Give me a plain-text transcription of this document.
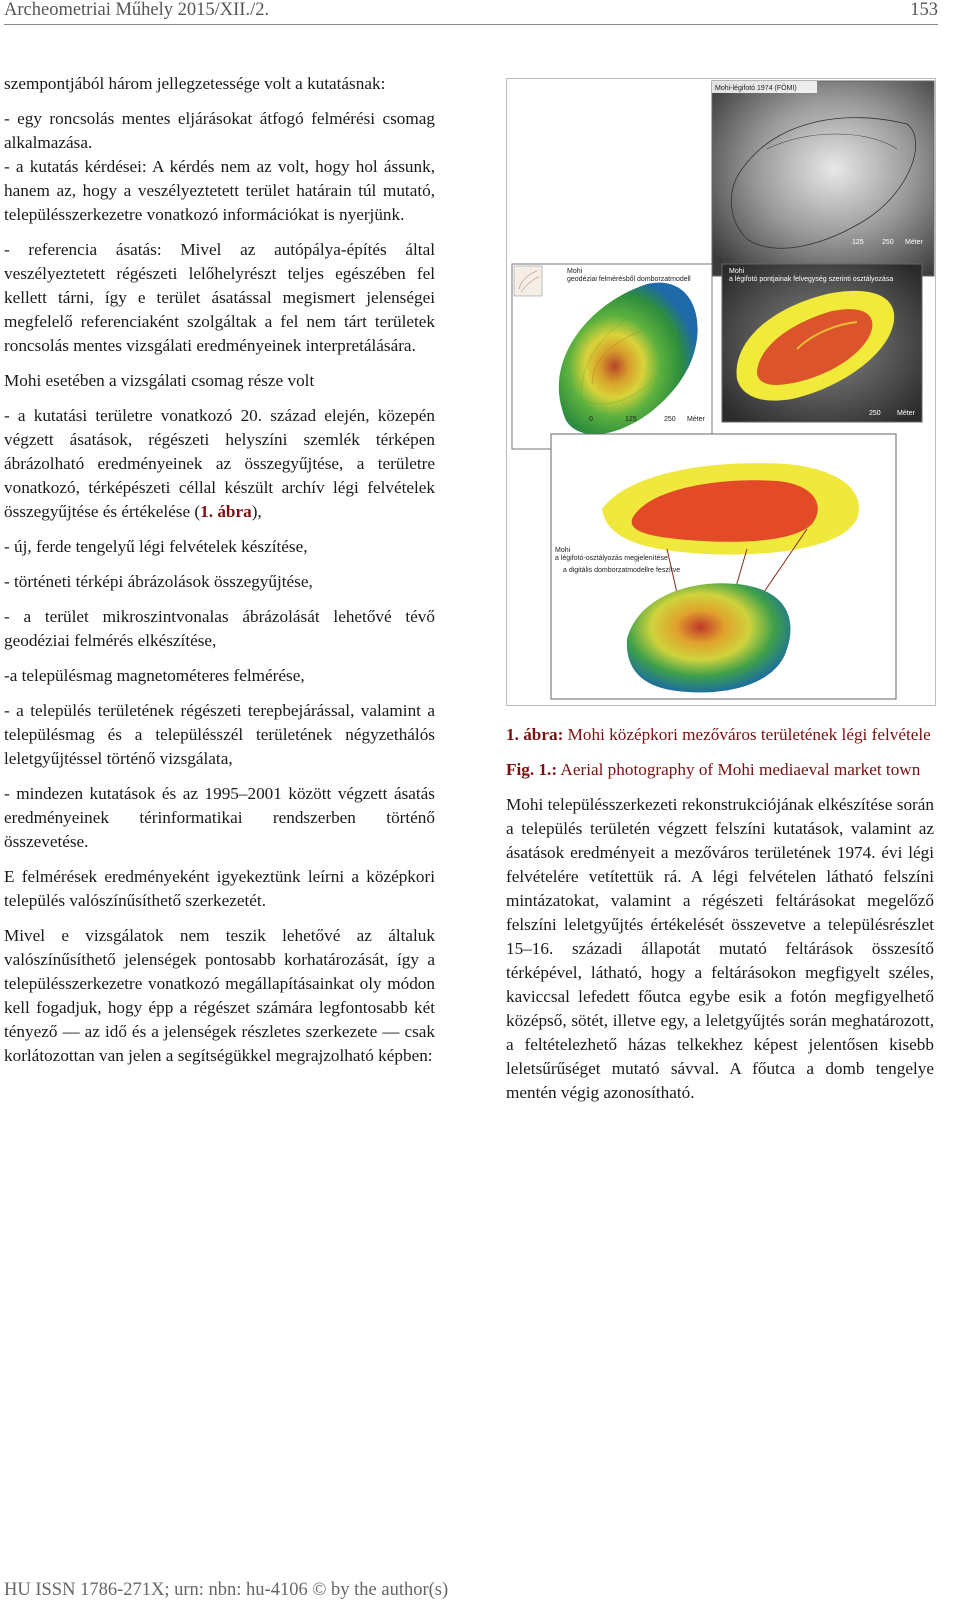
Archeometriai Műhely 2015/XII./2.	153

szempontjából három jellegzetessége volt a kutatásnak:

- egy roncsolás mentes eljárásokat átfogó felmérési csomag alkalmazása.

- a kutatás kérdései: A kérdés nem az volt, hogy hol ássunk, hanem az, hogy a veszélyeztetett terület határain túl mutató, településszerkezetre vonatkozó információkat is nyerjünk.

- referencia ásatás: Mivel az autópálya-építés által veszélyeztetett régészeti lelőhelyrészt teljes egészében fel kellett tárni, így e terület ásatással megismert jelenségei megfelelő referenciaként szolgáltak a fel nem tárt területek roncsolás mentes vizsgálati eredményeinek interpretálására.

Mohi esetében a vizsgálati csomag része volt

- a kutatási területre vonatkozó 20. század elején, közepén végzett ásatások, régészeti helyszíni szemlék térképen ábrázolható eredményeinek az összegyűjtése, a területre vonatkozó, térképészeti céllal készült archív légi felvételek összegyűjtése és értékelése (1. ábra),

- új, ferde tengelyű légi felvételek készítése,

- történeti térképi ábrázolások összegyűjtése,

- a terület mikroszintvonalas ábrázolását lehetővé tévő geodéziai felmérés elkészítése,

-a településmag magnetométeres felmérése,

- a település területének régészeti terepbejárással, valamint a településmag és a településszél területének négyzethálós leletgyűjtéssel történő vizsgálata,

- mindezen kutatások és az 1995–2001 között végzett ásatás eredményeinek térinformatikai rendszerben történő összevetése.

E felmérések eredményeként igyekeztünk leírni a középkori település valószínűsíthető szerkezetét.

Mivel e vizsgálatok nem teszik lehetővé az általuk valószínűsíthető jelenségek pontosabb korhatározását, így a településszerkezetre vonatkozó megállapításainkat oly módon kell fogadjuk, hogy épp a régészet számára legfontosabb két tényező — az idő és a jelenségek részletes szerkezete — csak korlátozottan van jelen a segítségükkel megrajzolható képben:

Mohi-légifotó 1974 (FÖMI)
125	250 Méter
Mohi
geodéziai felmérésből domborzatmodell
0	125	250 Méter
Mohi
a légifotó pontjainak felvegység szerinti osztályozása
250 Méter
Mohi
a légifotó-osztályozás megjelenítése
a digitális domborzatmodellre feszítve

1. ábra: Mohi középkori mezőváros területének légi felvétele

Fig. 1.: Aerial photography of Mohi mediaeval market town

Mohi településszerkezeti rekonstrukciójának elkészítése során a település területén végzett felszíni kutatások, valamint az ásatások eredményeit a mezőváros területének 1974. évi légi felvételére vetítettük rá. A légi felvételen látható felszíni mintázatokat, valamint a régészeti feltárásokat megelőző felszíni leletgyűjtés értékelését összevetve a településrészlet 15–16. századi állapotát mutató feltárások összesítő térképével, látható, hogy a feltárásokon megfigyelt széles, kaviccsal lefedett főutca egybe esik a fotón megfigyelhető középső, sötét, illetve egy, a leletgyűjtés során meghatározott, a feltételezhető házas telkekhez képest jelentősen kisebb leletsűrűséget mutató sávval. A főutca a domb tengelye mentén végig azonosítható.

HU ISSN 1786-271X; urn: nbn: hu-4106 © by the author(s)
